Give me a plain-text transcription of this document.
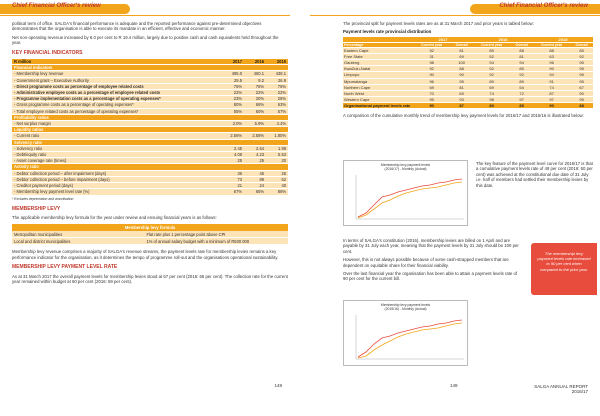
Chief Financial Officer's review

political term of office. SALGA's financial performance is adequate and the reported performance against pre-determined objectives demonstrates that the organisation is able to execute its mandate in an efficient, effective and economic manner.

Net non-operating revenue increased by 8.0 per cent to R 19.4 million, largely due to positive cash and cash equivalents held throughout the year.

KEY FINANCIAL INDICATORS
R million	2017	2016	2015
Financial indicators			
- Membership levy revenue	495.0	460.1	438.1
- Government grant – Executive Authority	29.5	9.2	26.9
- Direct programme costs as percentage of employee related costs	76%	76%	76%
- Administrative employee costs as a percentage of employee related costs	22%	22%	22%
- Programme implementation costs as a percentage of operating expenses*	23%	30%	28%
- Gross programme costs as a percentage of operating expenses*	80%	68%	63%
- Total employee related costs as percentage of operating expenses*	55%	60%	57%
Profitability ratios			
- Net surplus margin	3.0%	5.9%	4.4%
Liquidity ratios			
- Current ratio	2.56%	2.58%	1.80%
Solvency ratio			
- Solvency ratio	2.45	2.64	1.99
- Debt/equity ratio	4.08	4.23	5.53
- Asset coverage rate (times)	25	25	20
Activity ratio			
- Debtor collection period – after impairment (days)	36	45	26
- Debtor collection period – before impairment (days)	73	89	62
- Creditor payment period (days)	21	24	40
- Membership levy payment level rate (%)	67%	65%	86%
* Excludes depreciation and amortisation
MEMBERSHIP LEVY

The applicable membership levy formula for the year under review and ensuing financial years is as follows:

Membership levy formula	
Metropolitan municipalities	Flat rate plus 1 percentage point above CPI
Local and district municipalities	1% of annual salary budget with a minimum of R500 000

Membership levy revenue comprises a majority of SALGA's revenue streams, the payment levels rate for membership levies remains a key performance indicator for the organisation, as it determines the tempo of programme roll-out and the organisations operational sustainability.

MEMBERSHIP LEVY PAYMENT LEVEL RATE

As at 31 March 2017 the overall payment levels for membership levies stood at 67 per cent (2016: 65 per cent). The collection rate for the current year remained within budget at 60 per cent (2016: 59 per cent).

148
Chief Financial Officer's review

The provincial split for payment levels rates are as at 31 March 2017 and prior years is tabled below:

Payment levels rate provincial distribution
	2017		2016		2015	
Percentage	Current year	Overall	Current year	Overall	Current year	Overall
Eastern Cape	92	81	89	88	88	85
Free State	31	69	52	81	63	92
Gauteng	98	100	94	94	96	95
KwaZulu-Natal	92	88	92	85	90	95
Limpopo	90	90	92	92	94	95
Mpumalanga	96	95	89	89	91	95
Northern Cape	69	81	69	54	74	67
North West	70	69	74	72	87	90
Western Cape	95	93	98	97	97	95
Organisational payment levels rate	90	87	89	85	90	88

A comparison of the cumulative monthly trend of membership levy payment levels for 2016/17 and 2015/16 is illustrated below:

Membership levy payment levels
(2016/17) - Monthly (Actual)
The key feature of the payment level curve for 2016/17 is that a cumulative payment levels rate of 49 per cent (2016: 50 per cent) was achieved at the constitutional due date of 31 July i.e. half of members had settled their membership levies by this date.

In terms of SALGA's constitution (2016), membership levies are billed on 1 April and are payable by 31 July each year, meaning that the payment levels by 31 July should be 100 per cent.

However, this is not always possible because of some cash-strapped members that are dependent on equitable share for their financial viability.

Over the last financial year the organisation has been able to attain a payment levels rate of 90 per cent for the current bill.

Membership levy payment levels
(2015/16) - Monthly (Actual)
The membership levy payment levels rate increased to 90 per cent when compared to the prior year.
149	SALGA ANNUAL REPORT
2016/17
